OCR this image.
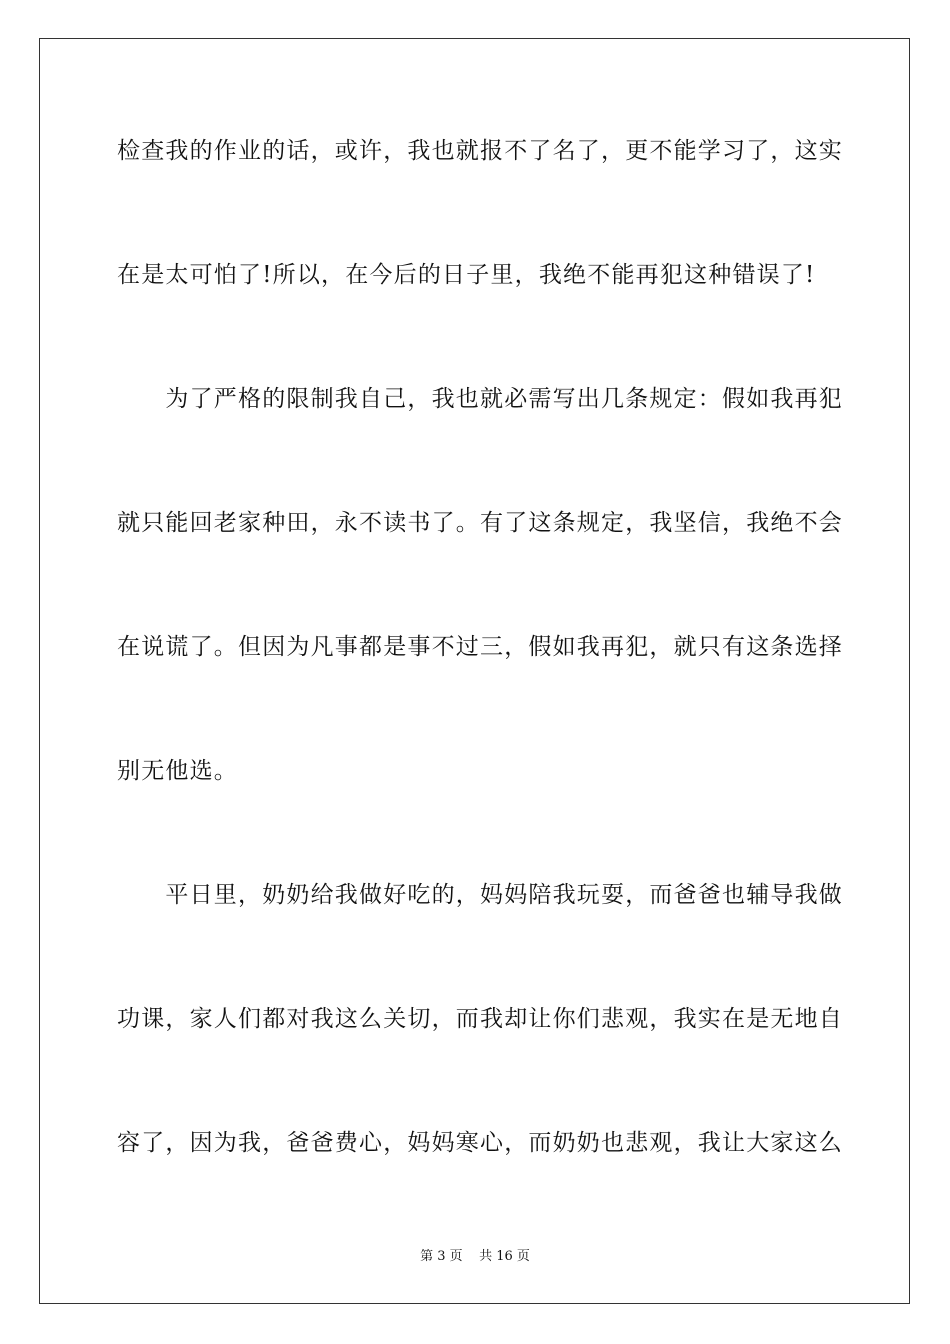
检查我的作业的话，或许，我也就报不了名了，更不能学习了，这实
在是太可怕了!所以，在今后的日子里，我绝不能再犯这种错误了!
　　为了严格的限制我自己，我也就必需写出几条规定：假如我再犯
就只能回老家种田，永不读书了。有了这条规定，我坚信，我绝不会
在说谎了。但因为凡事都是事不过三，假如我再犯，就只有这条选择
别无他选。
　　平日里，奶奶给我做好吃的，妈妈陪我玩耍，而爸爸也辅导我做
功课，家人们都对我这么关切，而我却让你们悲观，我实在是无地自
容了，因为我，爸爸费心，妈妈寒心，而奶奶也悲观，我让大家这么
第 3 页    共 16 页
